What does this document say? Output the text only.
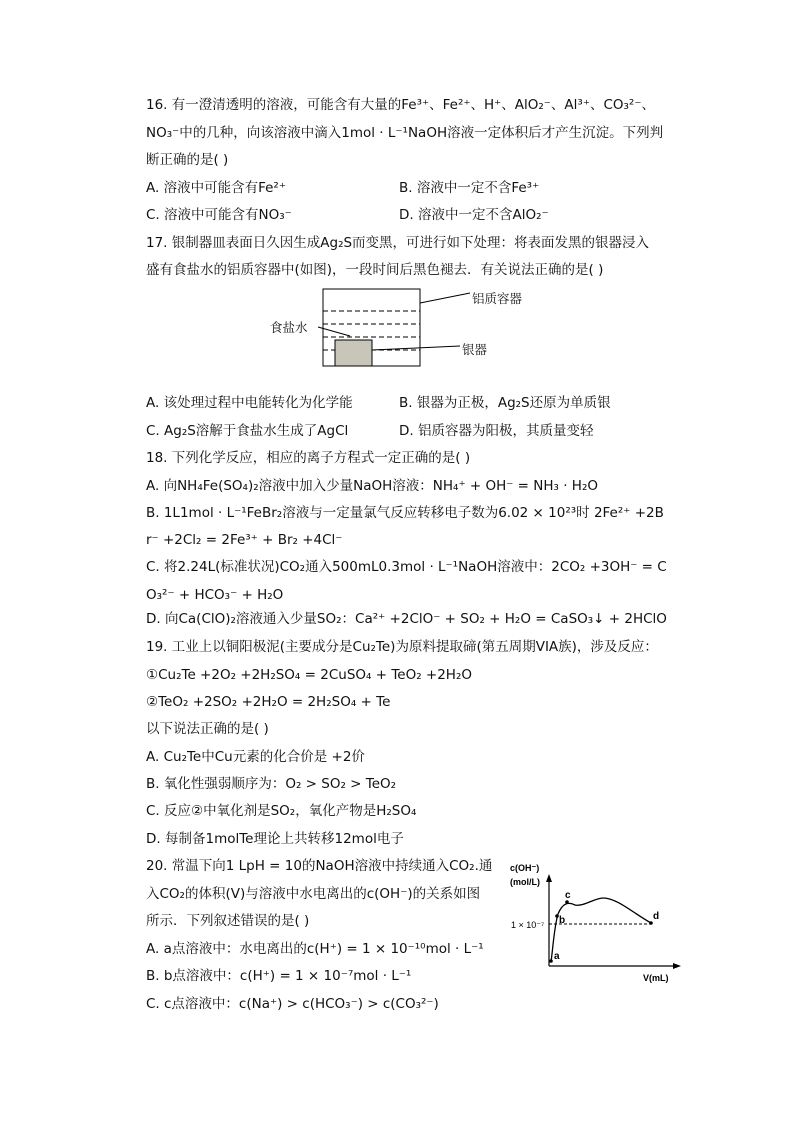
16. 有一澄清透明的溶液，可能含有大量的Fe³⁺、Fe²⁺、H⁺、AlO₂⁻、Al³⁺、CO₃²⁻、
NO₃⁻中的几种，向该溶液中滴入1mol · L⁻¹NaOH溶液一定体积后才产生沉淀。下列判
断正确的是( )
A. 溶液中可能含有Fe²⁺	B. 溶液中一定不含Fe³⁺
C. 溶液中可能含有NO₃⁻	D. 溶液中一定不含AlO₂⁻
17. 银制器皿表面日久因生成Ag₂S而变黑，可进行如下处理：将表面发黑的银器浸入
盛有食盐水的铝质容器中(如图)，一段时间后黑色褪去．有关说法正确的是( )
铝质容器
食盐水
银器
A. 该处理过程中电能转化为化学能	B. 银器为正极，Ag₂S还原为单质银
C. Ag₂S溶解于食盐水生成了AgCl	D. 铝质容器为阳极，其质量变轻
18. 下列化学反应，相应的离子方程式一定正确的是( )
A. 向NH₄Fe(SO₄)₂溶液中加入少量NaOH溶液：NH₄⁺ + OH⁻ = NH₃ · H₂O
B. 1L1mol · L⁻¹FeBr₂溶液与一定量氯气反应转移电子数为6.02 × 10²³时 2Fe²⁺ +2B
r⁻ +2Cl₂ = 2Fe³⁺ + Br₂ +4Cl⁻
C. 将2.24L(标准状况)CO₂通入500mL0.3mol · L⁻¹NaOH溶液中：2CO₂ +3OH⁻ = C
O₃²⁻ + HCO₃⁻ + H₂O
D. 向Ca(ClO)₂溶液通入少量SO₂：Ca²⁺ +2ClO⁻ + SO₂ + H₂O = CaSO₃↓ + 2HClO
19. 工业上以铜阳极泥(主要成分是Cu₂Te)为原料提取碲(第五周期VIA族)，涉及反应：
①Cu₂Te +2O₂ +2H₂SO₄ = 2CuSO₄ + TeO₂ +2H₂O
②TeO₂ +2SO₂ +2H₂O = 2H₂SO₄ + Te
以下说法正确的是( )
A. Cu₂Te中Cu元素的化合价是 +2价
B. 氧化性强弱顺序为：O₂ > SO₂ > TeO₂
C. 反应②中氧化剂是SO₂，氧化产物是H₂SO₄
D. 每制备1molTe理论上共转移12mol电子
20. 常温下向1 LpH = 10的NaOH溶液中持续通入CO₂.通
入CO₂的体积(V)与溶液中水电离出的c(OH⁻)的关系如图
所示．下列叙述错误的是( )
A. a点溶液中：水电离出的c(H⁺) = 1 × 10⁻¹⁰mol · L⁻¹
B. b点溶液中：c(H⁺) = 1 × 10⁻⁷mol · L⁻¹
C. c点溶液中：c(Na⁺) > c(HCO₃⁻) > c(CO₃²⁻)
c(OH⁻)
(mol/L)
1 × 10⁻⁷
V(mL)
a
b
c
d
